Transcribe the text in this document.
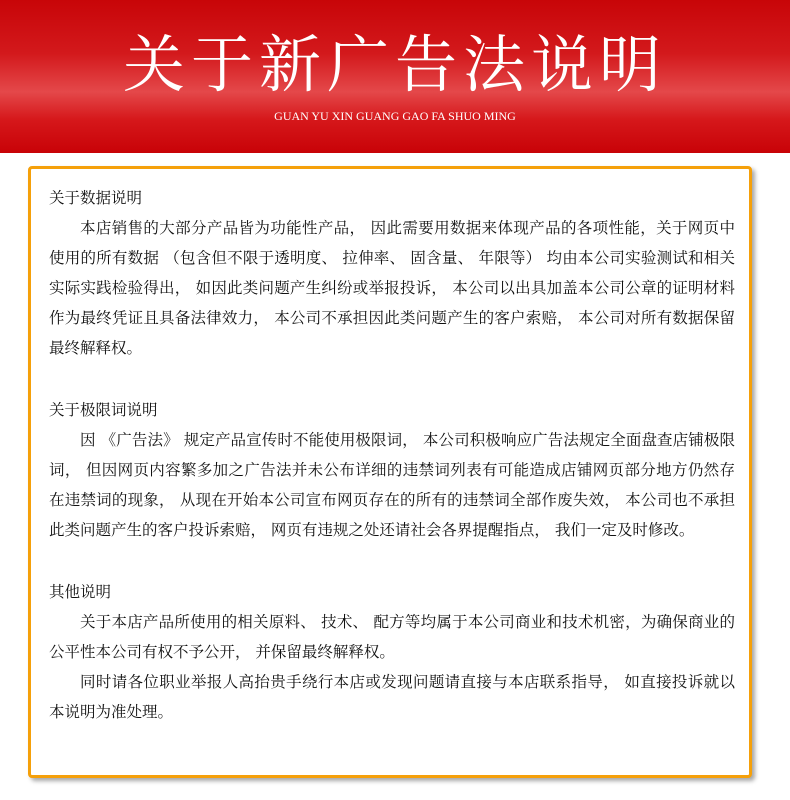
关于新广告法说明
GUAN YU XIN GUANG GAO FA SHUO MING
关于数据说明
本店销售的大部分产品皆为功能性产品， 因此需要用数据来体现产品的各项性能，关于网页中使用的所有数据 （包含但不限于透明度、 拉伸率、 固含量、 年限等） 均由本公司实验测试和相关实际实践检验得出， 如因此类问题产生纠纷或举报投诉， 本公司以出具加盖本公司公章的证明材料作为最终凭证且具备法律效力， 本公司不承担因此类问题产生的客户索赔， 本公司对所有数据保留最终解释权。
关于极限词说明
因 《广告法》 规定产品宣传时不能使用极限词， 本公司积极响应广告法规定全面盘查店铺极限词， 但因网页内容繁多加之广告法并未公布详细的违禁词列表有可能造成店铺网页部分地方仍然存在违禁词的现象， 从现在开始本公司宣布网页存在的所有的违禁词全部作废失效， 本公司也不承担此类问题产生的客户投诉索赔， 网页有违规之处还请社会各界提醒指点， 我们一定及时修改。
其他说明
关于本店产品所使用的相关原料、 技术、 配方等均属于本公司商业和技术机密，为确保商业的公平性本公司有权不予公开， 并保留最终解释权。
同时请各位职业举报人高抬贵手绕行本店或发现问题请直接与本店联系指导， 如直接投诉就以本说明为准处理。
